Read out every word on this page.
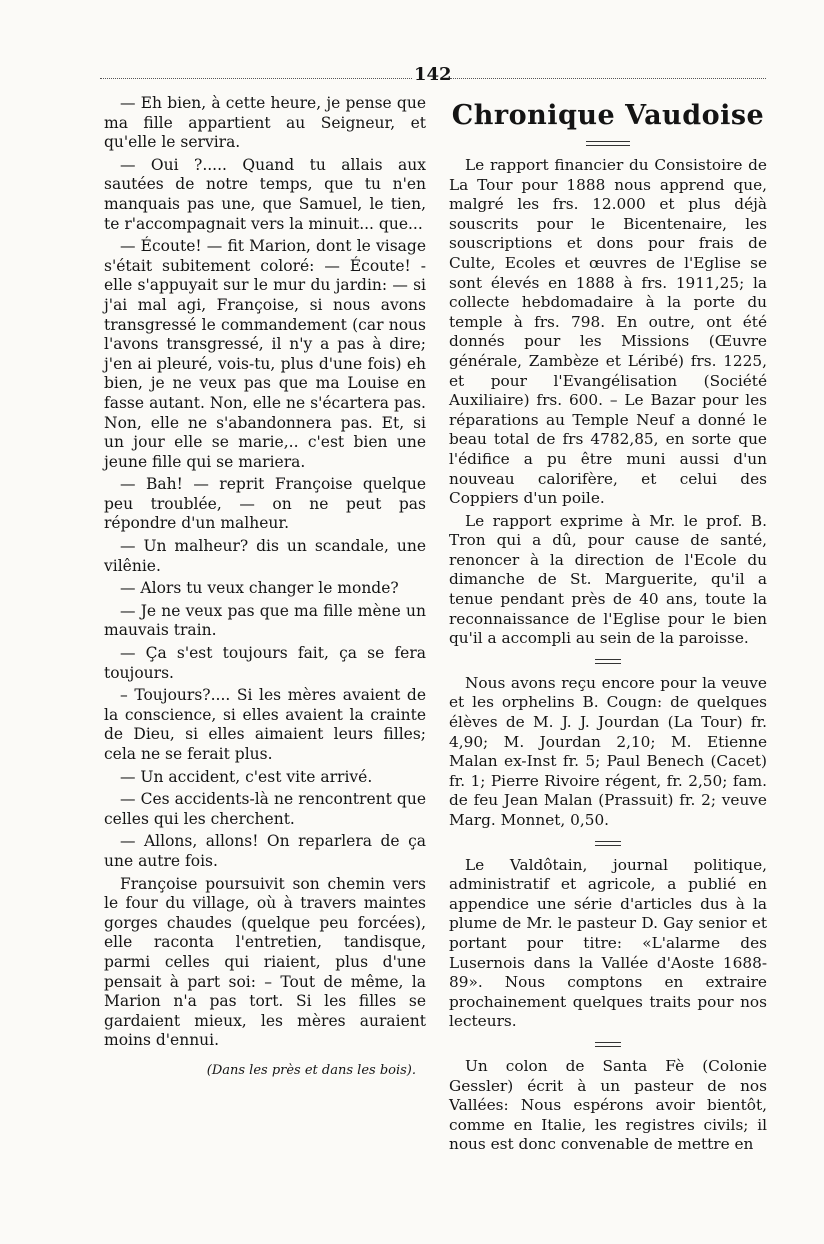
142

— Eh bien, à cette heure, je pense que ma fille appartient au Seigneur, et qu'elle le servira.

— Oui ?..... Quand tu allais aux sautées de notre temps, que tu n'en manquais pas une, que Samuel, le tien, te r'accompagnait vers la minuit... que...

— Écoute! — fit Marion, dont le visage s'était subitement coloré: — Écoute! - elle s'appuyait sur le mur du jardin: — si j'ai mal agi, Françoise, si nous avons transgressé le commandement (car nous l'avons transgressé, il n'y a pas à dire; j'en ai pleuré, vois-tu, plus d'une fois) eh bien, je ne veux pas que ma Louise en fasse autant. Non, elle ne s'écartera pas. Non, elle ne s'abandonnera pas. Et, si un jour elle se marie,.. c'est bien une jeune fille qui se mariera.

— Bah! — reprit Françoise quelque peu troublée, — on ne peut pas répondre d'un malheur.

— Un malheur? dis un scandale, une vilênie.

— Alors tu veux changer le monde?

— Je ne veux pas que ma fille mène un mauvais train.

— Ça s'est toujours fait, ça se fera toujours.

– Toujours?.... Si les mères avaient de la conscience, si elles avaient la crainte de Dieu, si elles aimaient leurs filles; cela ne se ferait plus.

— Un accident, c'est vite arrivé.

— Ces accidents-là ne rencontrent que celles qui les cherchent.

— Allons, allons! On reparlera de ça une autre fois.

Françoise poursuivit son chemin vers le four du village, où à travers maintes gorges chaudes (quelque peu forcées), elle raconta l'entretien, tandisque, parmi celles qui riaient, plus d'une pensait à part soi: – Tout de même, la Marion n'a pas tort. Si les filles se gardaient mieux, les mères auraient moins d'ennui.

(Dans les près et dans les bois).

Chronique Vaudoise

Le rapport financier du Consistoire de La Tour pour 1888 nous apprend que, malgré les frs. 12.000 et plus déjà souscrits pour le Bicentenaire, les souscriptions et dons pour frais de Culte, Ecoles et œuvres de l'Eglise se sont élevés en 1888 à frs. 1911,25; la collecte hebdomadaire à la porte du temple à frs. 798. En outre, ont été donnés pour les Missions (Œuvre générale, Zambèze et Léribé) frs. 1225, et pour l'Evangélisation (Société Auxiliaire) frs. 600. – Le Bazar pour les réparations au Temple Neuf a donné le beau total de frs 4782,85, en sorte que l'édifice a pu être muni aussi d'un nouveau calorifère, et celui des Coppiers d'un poile.

Le rapport exprime à Mr. le prof. B. Tron qui a dû, pour cause de santé, renoncer à la direction de l'Ecole du dimanche de St. Marguerite, qu'il a tenue pendant près de 40 ans, toute la reconnaissance de l'Eglise pour le bien qu'il a accompli au sein de la paroisse.

Nous avons reçu encore pour la veuve et les orphelins B. Cougn: de quelques élèves de M. J. J. Jourdan (La Tour) fr. 4,90; M. Jourdan 2,10; M. Etienne Malan ex-Inst fr. 5; Paul Benech (Cacet) fr. 1; Pierre Rivoire régent, fr. 2,50; fam. de feu Jean Malan (Prassuit) fr. 2; veuve Marg. Monnet, 0,50.

Le Valdôtain, journal politique, administratif et agricole, a publié en appendice une série d'articles dus à la plume de Mr. le pasteur D. Gay senior et portant pour titre: «L'alarme des Lusernois dans la Vallée d'Aoste 1688-89». Nous comptons en extraire prochainement quelques traits pour nos lecteurs.

Un colon de Santa Fè (Colonie Gessler) écrit à un pasteur de nos Vallées: Nous espérons avoir bientôt, comme en Italie, les registres civils; il nous est donc convenable de mettre en
